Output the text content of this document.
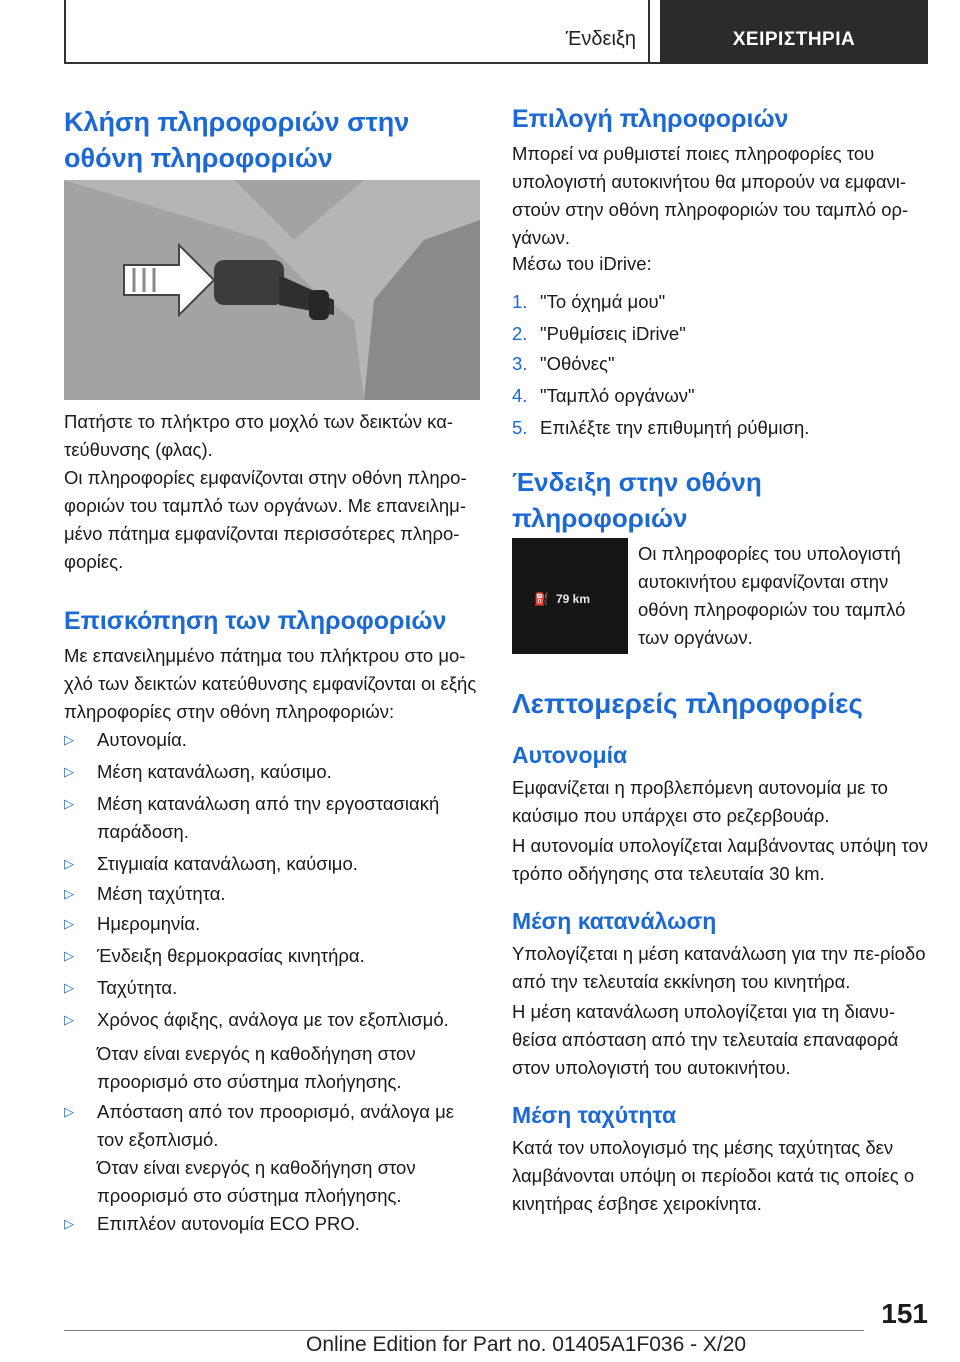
Ένδειξη	ΧΕΙΡΙΣΤΗΡΙΑ
Κλήση πληροφοριών στην οθόνη πληροφοριών

Πατήστε το πλήκτρο στο μοχλό των δεικτών κα-τεύθυνσης (φλας).

Οι πληροφορίες εμφανίζονται στην οθόνη πληρο-φοριών του ταμπλό των οργάνων. Με επανειλημ-μένο πάτημα εμφανίζονται περισσότερες πληρο-φορίες.

Επισκόπηση των πληροφοριών

Με επανειλημμένο πάτημα του πλήκτρου στο μο-χλό των δεικτών κατεύθυνσης εμφανίζονται οι εξής πληροφορίες στην οθόνη πληροφοριών:

▷ Αυτονομία.
▷ Μέση κατανάλωση, καύσιμο.
▷ Μέση κατανάλωση από την εργοστασιακή παράδοση.
▷ Στιγμιαία κατανάλωση, καύσιμο.
▷ Μέση ταχύτητα.
▷ Ημερομηνία.
▷ Ένδειξη θερμοκρασίας κινητήρα.
▷ Ταχύτητα.
▷ Χρόνος άφιξης, ανάλογα με τον εξοπλισμό.

Όταν είναι ενεργός η καθοδήγηση στον προορισμό στο σύστημα πλοήγησης.

▷ Απόσταση από τον προορισμό, ανάλογα με τον εξοπλισμό.

Όταν είναι ενεργός η καθοδήγηση στον προορισμό στο σύστημα πλοήγησης.

▷ Επιπλέον αυτονομία ECO PRO.
Επιλογή πληροφοριών

Μπορεί να ρυθμιστεί ποιες πληροφορίες του υπολογιστή αυτοκινήτου θα μπορούν να εμφανι-στούν στην οθόνη πληροφοριών του ταμπλό ορ-γάνων.

Μέσω του iDrive:

1. "Το όχημά μου"
2. "Ρυθμίσεις iDrive"
3. "Οθόνες"
4. "Ταμπλό οργάνων"
5. Επιλέξτε την επιθυμητή ρύθμιση.
Ένδειξη στην οθόνη πληροφοριών
⛽ 79 km

Οι πληροφορίες του υπολογιστή αυτοκινήτου εμφανίζονται στην οθόνη πληροφοριών του ταμπλό των οργάνων.

Λεπτομερείς πληροφορίες
Αυτονομία

Εμφανίζεται η προβλεπόμενη αυτονομία με το καύσιμο που υπάρχει στο ρεζερβουάρ.

Η αυτονομία υπολογίζεται λαμβάνοντας υπόψη τον τρόπο οδήγησης στα τελευταία 30 km.

Μέση κατανάλωση

Υπολογίζεται η μέση κατανάλωση για την πε-ρίοδο από την τελευταία εκκίνηση του κινητήρα.

Η μέση κατανάλωση υπολογίζεται για τη διανυ-θείσα απόσταση από την τελευταία επαναφορά στον υπολογιστή του αυτοκινήτου.

Μέση ταχύτητα

Κατά τον υπολογισμό της μέσης ταχύτητας δεν λαμβάνονται υπόψη οι περίοδοι κατά τις οποίες ο κινητήρας έσβησε χειροκίνητα.

151
Online Edition for Part no. 01405A1F036 - X/20
